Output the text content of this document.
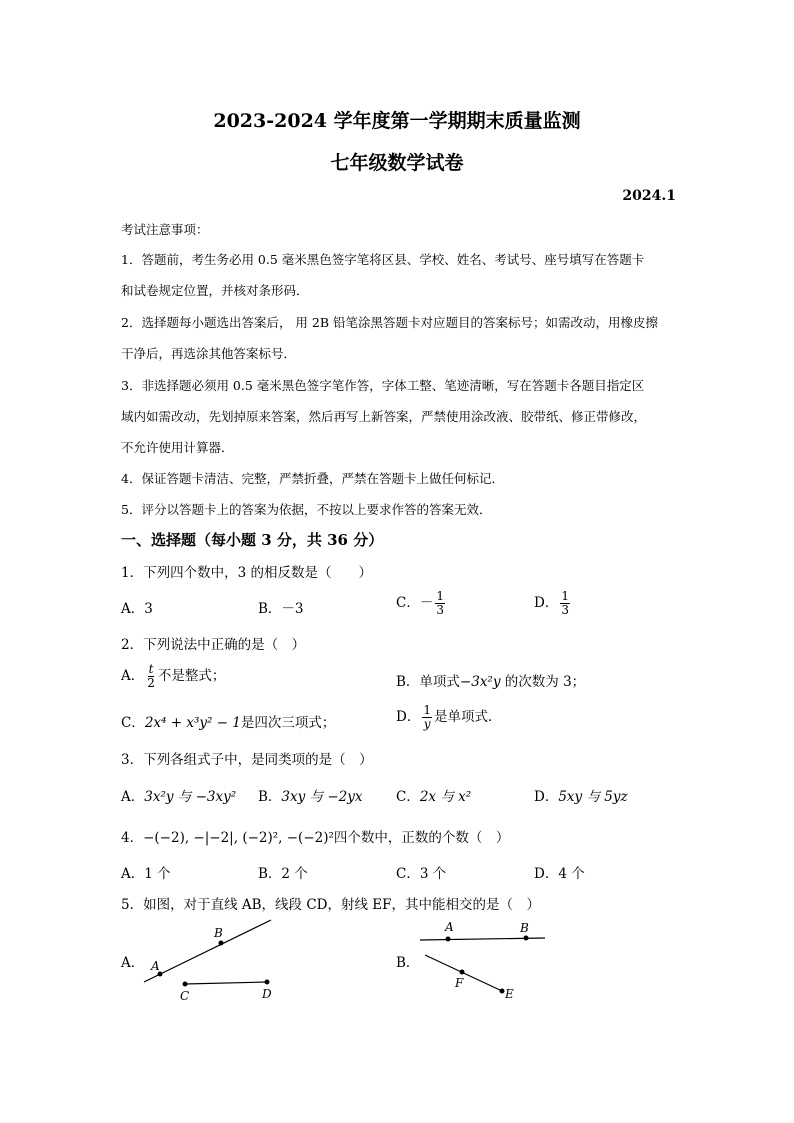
2023-2024 学年度第一学期期末质量监测
七年级数学试卷
2024.1
考试注意事项：
1．答题前，考生务必用 0.5 毫米黑色签字笔将区县、学校、姓名、考试号、座号填写在答题卡
和试卷规定位置，并核对条形码．
2．选择题每小题选出答案后， 用 2B 铅笔涂黑答题卡对应题目的答案标号；如需改动，用橡皮擦
干净后，再选涂其他答案标号．
3．非选择题必须用 0.5 毫米黑色签字笔作答，字体工整、笔迹清晰，写在答题卡各题目指定区
域内如需改动，先划掉原来答案，然后再写上新答案，严禁使用涂改液、胶带纸、修正带修改，
不允许使用计算器．
4．保证答题卡清洁、完整，严禁折叠，严禁在答题卡上做任何标记．
5．评分以答题卡上的答案为依据，不按以上要求作答的答案无效．
一、选择题（每小题 3 分，共 36 分）
1．下列四个数中，3 的相反数是（　　）
A．3	B．－3	C．－ $\frac{1}{3}$	D． $\frac{1}{3}$
2．下列说法中正确的是（　）
A． $\frac{t}{2}$ 不是整式；	B．单项式−3x²y 的次数为 3；
C．2x⁴ + x³y² − 1是四次三项式；	D． $\frac{1}{y}$ 是单项式．
3．下列各组式子中，是同类项的是（　）
A．3x²y 与 −3xy² B．3xy 与 −2yx C．2x 与 x²	D．5xy 与 5yz
4．−(−2), −|−2|, (−2)², −(−2)²四个数中，正数的个数（　）
A．1 个	B．2 个	C．3 个	D．4 个
5．如图，对于直线 AB，线段 CD，射线 EF，其中能相交的是（　）
A．	B．
A
B
C	D
A	B
F
E
